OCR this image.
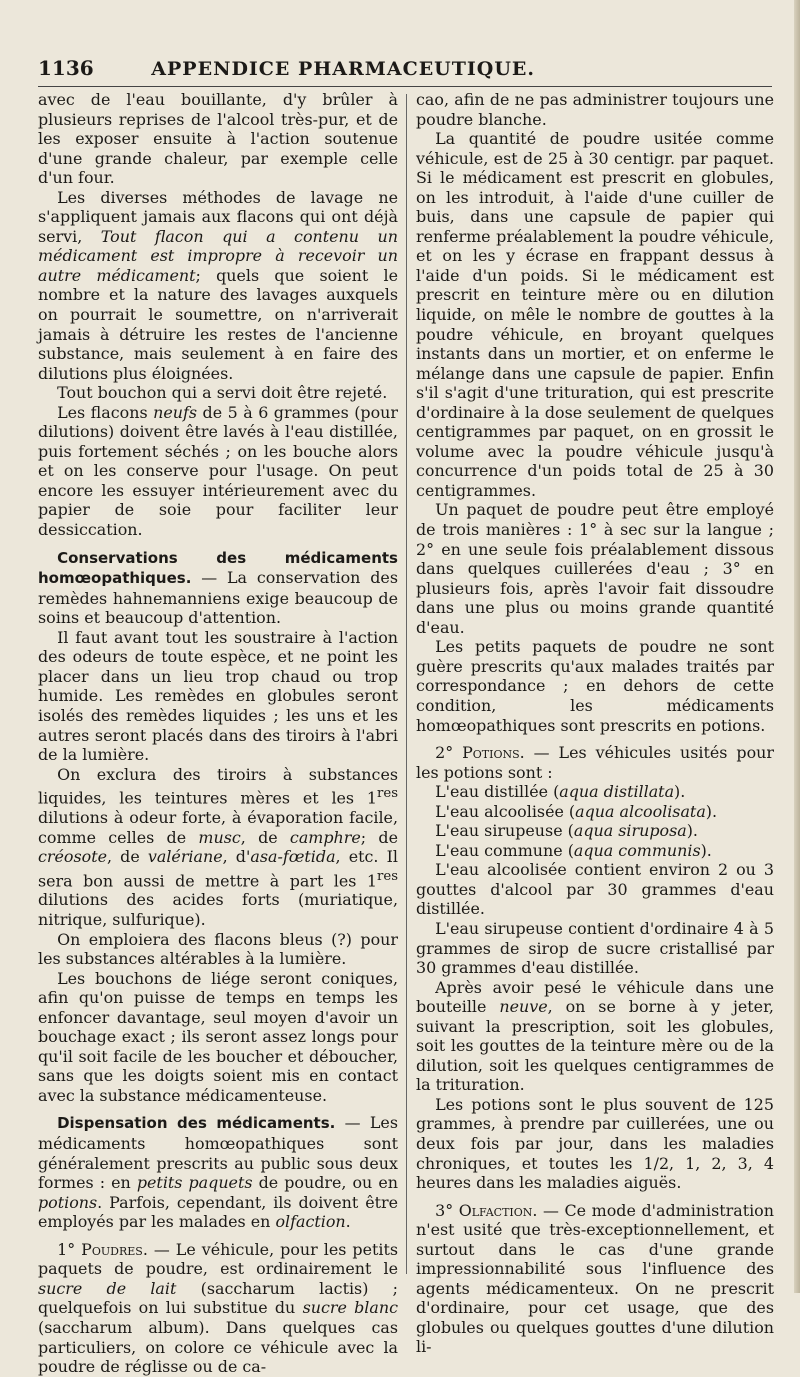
1136	APPENDICE PHARMACEUTIQUE.

avec de l'eau bouillante, d'y brûler à plusieurs reprises de l'alcool très-pur, et de les exposer ensuite à l'action soutenue d'une grande chaleur, par exemple celle d'un four.

Les diverses méthodes de lavage ne s'appliquent jamais aux flacons qui ont déjà servi, Tout flacon qui a contenu un médicament est impropre à recevoir un autre médicament; quels que soient le nombre et la nature des lavages auxquels on pourrait le soumettre, on n'arriverait jamais à détruire les restes de l'ancienne substance, mais seulement à en faire des dilutions plus éloignées.

Tout bouchon qui a servi doit être rejeté.

Les flacons neufs de 5 à 6 grammes (pour dilutions) doivent être lavés à l'eau distillée, puis fortement séchés ; on les bouche alors et on les conserve pour l'usage. On peut encore les essuyer intérieurement avec du papier de soie pour faciliter leur dessiccation.

Conservations des médicaments homœopathiques. — La conservation des remèdes hahnemanniens exige beaucoup de soins et beaucoup d'attention.

Il faut avant tout les soustraire à l'action des odeurs de toute espèce, et ne point les placer dans un lieu trop chaud ou trop humide. Les remèdes en globules seront isolés des remèdes liquides ; les uns et les autres seront placés dans des tiroirs à l'abri de la lumière.

On exclura des tiroirs à substances liquides, les teintures mères et les 1res dilutions à odeur forte, à évaporation facile, comme celles de musc, de camphre; de créosote, de valériane, d'asa-fœtida, etc. Il sera bon aussi de mettre à part les 1res dilutions des acides forts (muriatique, nitrique, sulfurique).

On emploiera des flacons bleus (?) pour les substances altérables à la lumière.

Les bouchons de liége seront coniques, afin qu'on puisse de temps en temps les enfoncer davantage, seul moyen d'avoir un bouchage exact ; ils seront assez longs pour qu'il soit facile de les boucher et déboucher, sans que les doigts soient mis en contact avec la substance médicamenteuse.

Dispensation des médicaments. — Les médicaments homœopathiques sont généralement prescrits au public sous deux formes : en petits paquets de poudre, ou en potions. Parfois, cependant, ils doivent être employés par les malades en olfaction.

1° Poudres. — Le véhicule, pour les petits paquets de poudre, est ordinairement le sucre de lait (saccharum lactis) ; quelquefois on lui substitue du sucre blanc (saccharum album). Dans quelques cas particuliers, on colore ce véhicule avec la poudre de réglisse ou de ca-

cao, afin de ne pas administrer toujours une poudre blanche.

La quantité de poudre usitée comme véhicule, est de 25 à 30 centigr. par paquet. Si le médicament est prescrit en globules, on les introduit, à l'aide d'une cuiller de buis, dans une capsule de papier qui renferme préalablement la poudre véhicule, et on les y écrase en frappant dessus à l'aide d'un poids. Si le médicament est prescrit en teinture mère ou en dilution liquide, on mêle le nombre de gouttes à la poudre véhicule, en broyant quelques instants dans un mortier, et on enferme le mélange dans une capsule de papier. Enfin s'il s'agit d'une trituration, qui est prescrite d'ordinaire à la dose seulement de quelques centigrammes par paquet, on en grossit le volume avec la poudre véhicule jusqu'à concurrence d'un poids total de 25 à 30 centigrammes.

Un paquet de poudre peut être employé de trois manières : 1° à sec sur la langue ; 2° en une seule fois préalablement dissous dans quelques cuillerées d'eau ; 3° en plusieurs fois, après l'avoir fait dissoudre dans une plus ou moins grande quantité d'eau.

Les petits paquets de poudre ne sont guère prescrits qu'aux malades traités par correspondance ; en dehors de cette condition, les médicaments homœopathiques sont prescrits en potions.

2° Potions. — Les véhicules usités pour les potions sont :

L'eau distillée (aqua distillata).

L'eau alcoolisée (aqua alcoolisata).

L'eau sirupeuse (aqua siruposa).

L'eau commune (aqua communis).

L'eau alcoolisée contient environ 2 ou 3 gouttes d'alcool par 30 grammes d'eau distillée.

L'eau sirupeuse contient d'ordinaire 4 à 5 grammes de sirop de sucre cristallisé par 30 grammes d'eau distillée.

Après avoir pesé le véhicule dans une bouteille neuve, on se borne à y jeter, suivant la prescription, soit les globules, soit les gouttes de la teinture mère ou de la dilution, soit les quelques centigrammes de la trituration.

Les potions sont le plus souvent de 125 grammes, à prendre par cuillerées, une ou deux fois par jour, dans les maladies chroniques, et toutes les 1/2, 1, 2, 3, 4 heures dans les maladies aiguës.

3° Olfaction. — Ce mode d'administration n'est usité que très-exceptionnellement, et surtout dans le cas d'une grande impressionnabilité sous l'influence des agents médicamenteux. On ne prescrit d'ordinaire, pour cet usage, que des globules ou quelques gouttes d'une dilution li-
